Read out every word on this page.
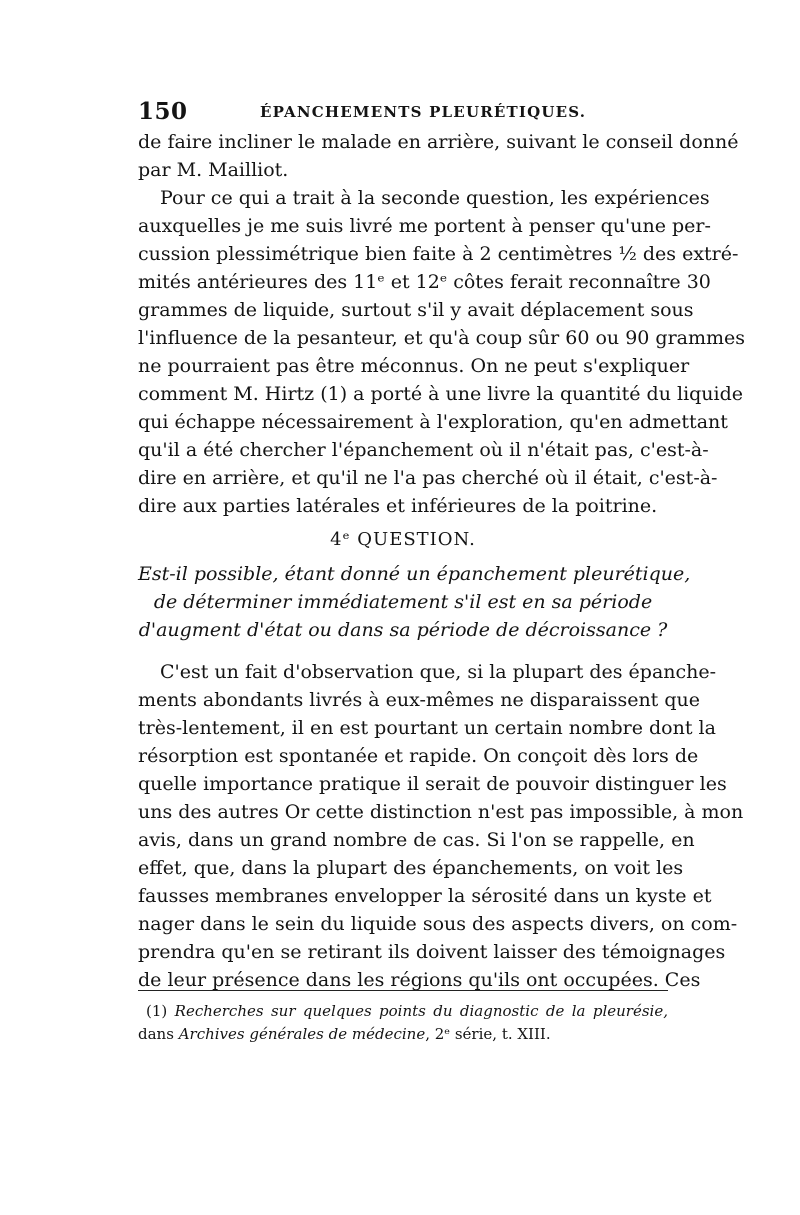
150	ÉPANCHEMENTS PLEURÉTIQUES.
de faire incliner le malade en arrière, suivant le conseil donné
par M. Mailliot.
Pour ce qui a trait à la seconde question, les expériences
auxquelles je me suis livré me portent à penser qu'une per-
cussion plessimétrique bien faite à 2 centimètres ½ des extré-
mités antérieures des 11ᵉ et 12ᵉ côtes ferait reconnaître 30
grammes de liquide, surtout s'il y avait déplacement sous
l'influence de la pesanteur, et qu'à coup sûr 60 ou 90 grammes
ne pourraient pas être méconnus. On ne peut s'expliquer
comment M. Hirtz (1) a porté à une livre la quantité du liquide
qui échappe nécessairement à l'exploration, qu'en admettant
qu'il a été chercher l'épanchement où il n'était pas, c'est-à-
dire en arrière, et qu'il ne l'a pas cherché où il était, c'est-à-
dire aux parties latérales et inférieures de la poitrine.
4ᵉ QUESTION.
Est-il possible, étant donné un épanchement pleurétique,
de déterminer immédiatement s'il est en sa période
d'augment d'état ou dans sa période de décroissance ?
C'est un fait d'observation que, si la plupart des épanche-
ments abondants livrés à eux-mêmes ne disparaissent que
très-lentement, il en est pourtant un certain nombre dont la
résorption est spontanée et rapide. On conçoit dès lors de
quelle importance pratique il serait de pouvoir distinguer les
uns des autres Or cette distinction n'est pas impossible, à mon
avis, dans un grand nombre de cas. Si l'on se rappelle, en
effet, que, dans la plupart des épanchements, on voit les
fausses membranes envelopper la sérosité dans un kyste et
nager dans le sein du liquide sous des aspects divers, on com-
prendra qu'en se retirant ils doivent laisser des témoignages
de leur présence dans les régions qu'ils ont occupées. Ces
(1) Recherches sur quelques points du diagnostic de la pleurésie,
dans Archives générales de médecine, 2ᵉ série, t. XIII.
